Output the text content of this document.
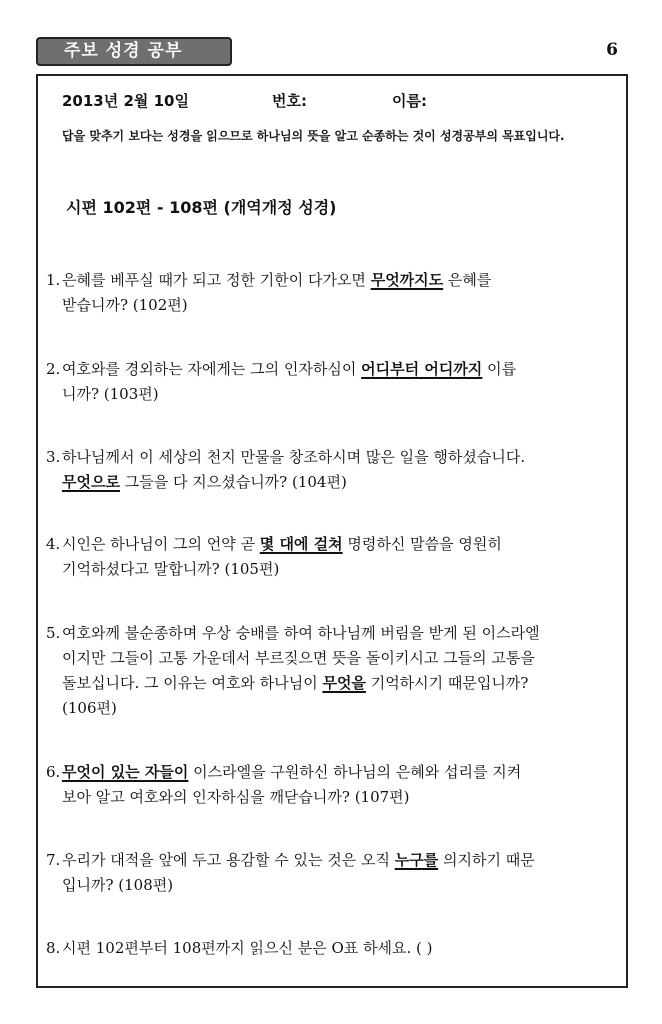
주보 성경 공부	6
2013년 2월 10일	번호:	이름:
답을 맞추기 보다는 성경을 읽으므로 하나님의 뜻을 알고 순종하는 것이 성경공부의 목표입니다.
시편 102편 - 108편 (개역개정 성경)
1. 은혜를 베푸실 때가 되고 정한 기한이 다가오면 무엇까지도 은혜를
받습니까? (102편)
2. 여호와를 경외하는 자에게는 그의 인자하심이 어디부터 어디까지 이릅
니까? (103편)
3. 하나님께서 이 세상의 천지 만물을 창조하시며 많은 일을 행하셨습니다.
무엇으로 그들을 다 지으셨습니까? (104편)
4. 시인은 하나님이 그의 언약 곧 몇 대에 걸쳐 명령하신 말씀을 영원히
기억하셨다고 말합니까? (105편)
5. 여호와께 불순종하며 우상 숭배를 하여 하나님께 버림을 받게 된 이스라엘
이지만 그들이 고통 가운데서 부르짖으면 뜻을 돌이키시고 그들의 고통을
돌보십니다. 그 이유는 여호와 하나님이 무엇을 기억하시기 때문입니까?
(106편)
6. 무엇이 있는 자들이 이스라엘을 구원하신 하나님의 은혜와 섭리를 지켜
보아 알고 여호와의 인자하심을 깨닫습니까? (107편)
7. 우리가 대적을 앞에 두고 용감할 수 있는 것은 오직 누구를 의지하기 때문
입니까? (108편)
8. 시편 102편부터 108편까지 읽으신 분은 O표 하세요. ( )
